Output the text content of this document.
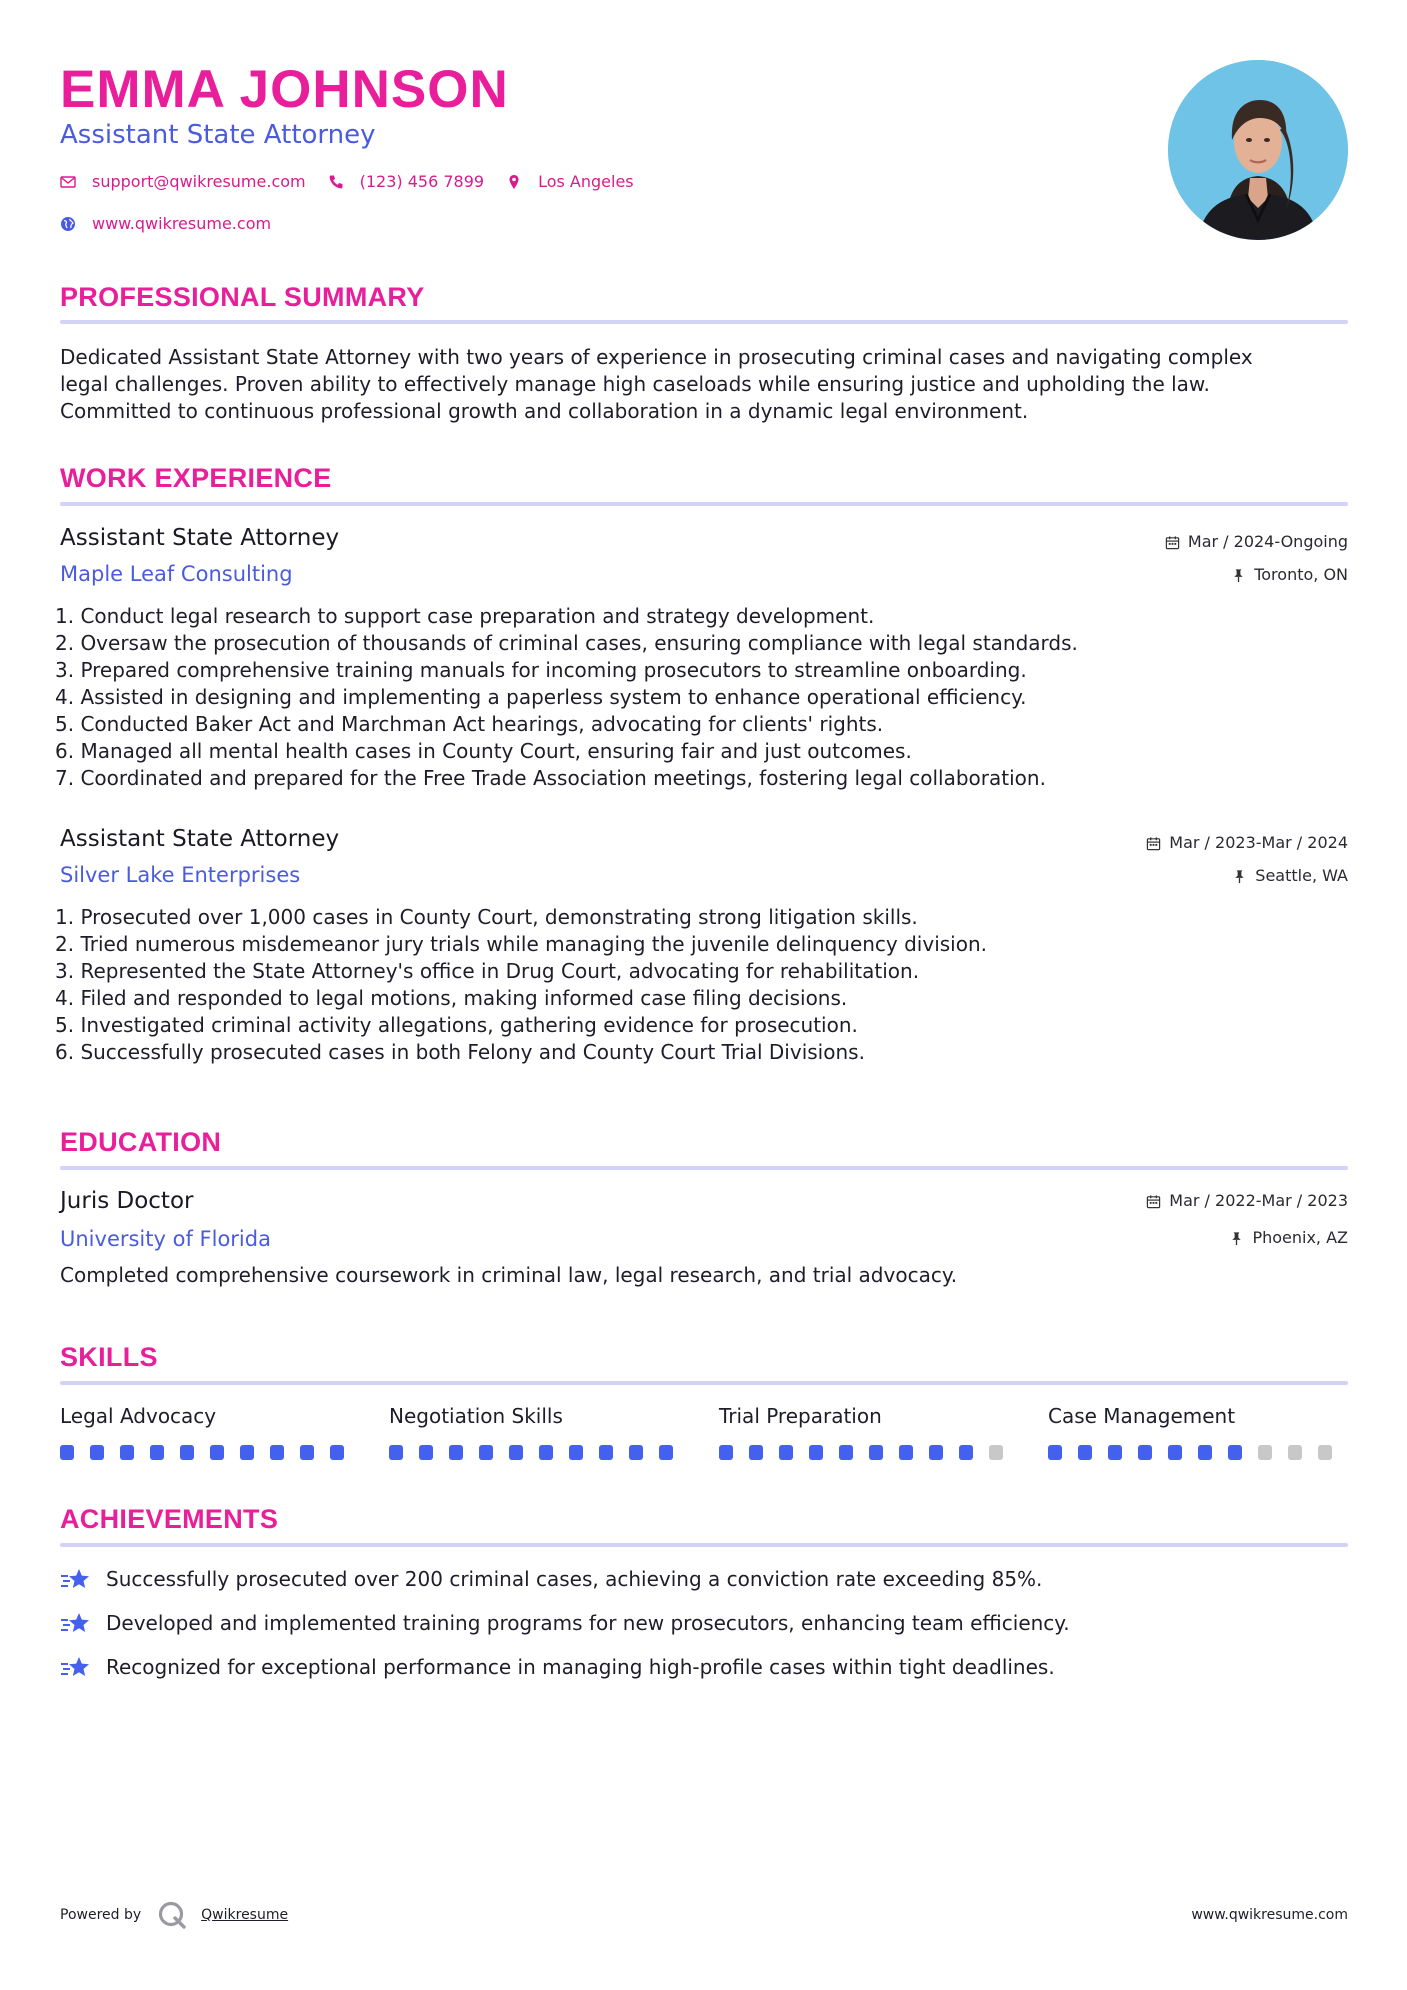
EMMA JOHNSON
Assistant State Attorney
support@qwikresume.com	(123) 456 7899	Los Angeles
www.qwikresume.com
PROFESSIONAL SUMMARY
Dedicated Assistant State Attorney with two years of experience in prosecuting criminal cases and navigating complex
legal challenges. Proven ability to effectively manage high caseloads while ensuring justice and upholding the law.
Committed to continuous professional growth and collaboration in a dynamic legal environment.
WORK EXPERIENCE
Assistant State Attorney	Mar / 2024-Ongoing
Maple Leaf Consulting	Toronto, ON
1. Conduct legal research to support case preparation and strategy development.
2. Oversaw the prosecution of thousands of criminal cases, ensuring compliance with legal standards.
3. Prepared comprehensive training manuals for incoming prosecutors to streamline onboarding.
4. Assisted in designing and implementing a paperless system to enhance operational efficiency.
5. Conducted Baker Act and Marchman Act hearings, advocating for clients' rights.
6. Managed all mental health cases in County Court, ensuring fair and just outcomes.
7. Coordinated and prepared for the Free Trade Association meetings, fostering legal collaboration.
Assistant State Attorney	Mar / 2023-Mar / 2024
Silver Lake Enterprises	Seattle, WA
1. Prosecuted over 1,000 cases in County Court, demonstrating strong litigation skills.
2. Tried numerous misdemeanor jury trials while managing the juvenile delinquency division.
3. Represented the State Attorney's office in Drug Court, advocating for rehabilitation.
4. Filed and responded to legal motions, making informed case filing decisions.
5. Investigated criminal activity allegations, gathering evidence for prosecution.
6. Successfully prosecuted cases in both Felony and County Court Trial Divisions.
EDUCATION
Juris Doctor	Mar / 2022-Mar / 2023
University of Florida	Phoenix, AZ
Completed comprehensive coursework in criminal law, legal research, and trial advocacy.
SKILLS
Legal Advocacy	Negotiation Skills	Trial Preparation	Case Management
ACHIEVEMENTS
Successfully prosecuted over 200 criminal cases, achieving a conviction rate exceeding 85%.
Developed and implemented training programs for new prosecutors, enhancing team efficiency.
Recognized for exceptional performance in managing high-profile cases within tight deadlines.
Powered by	Qwikresume	www.qwikresume.com
